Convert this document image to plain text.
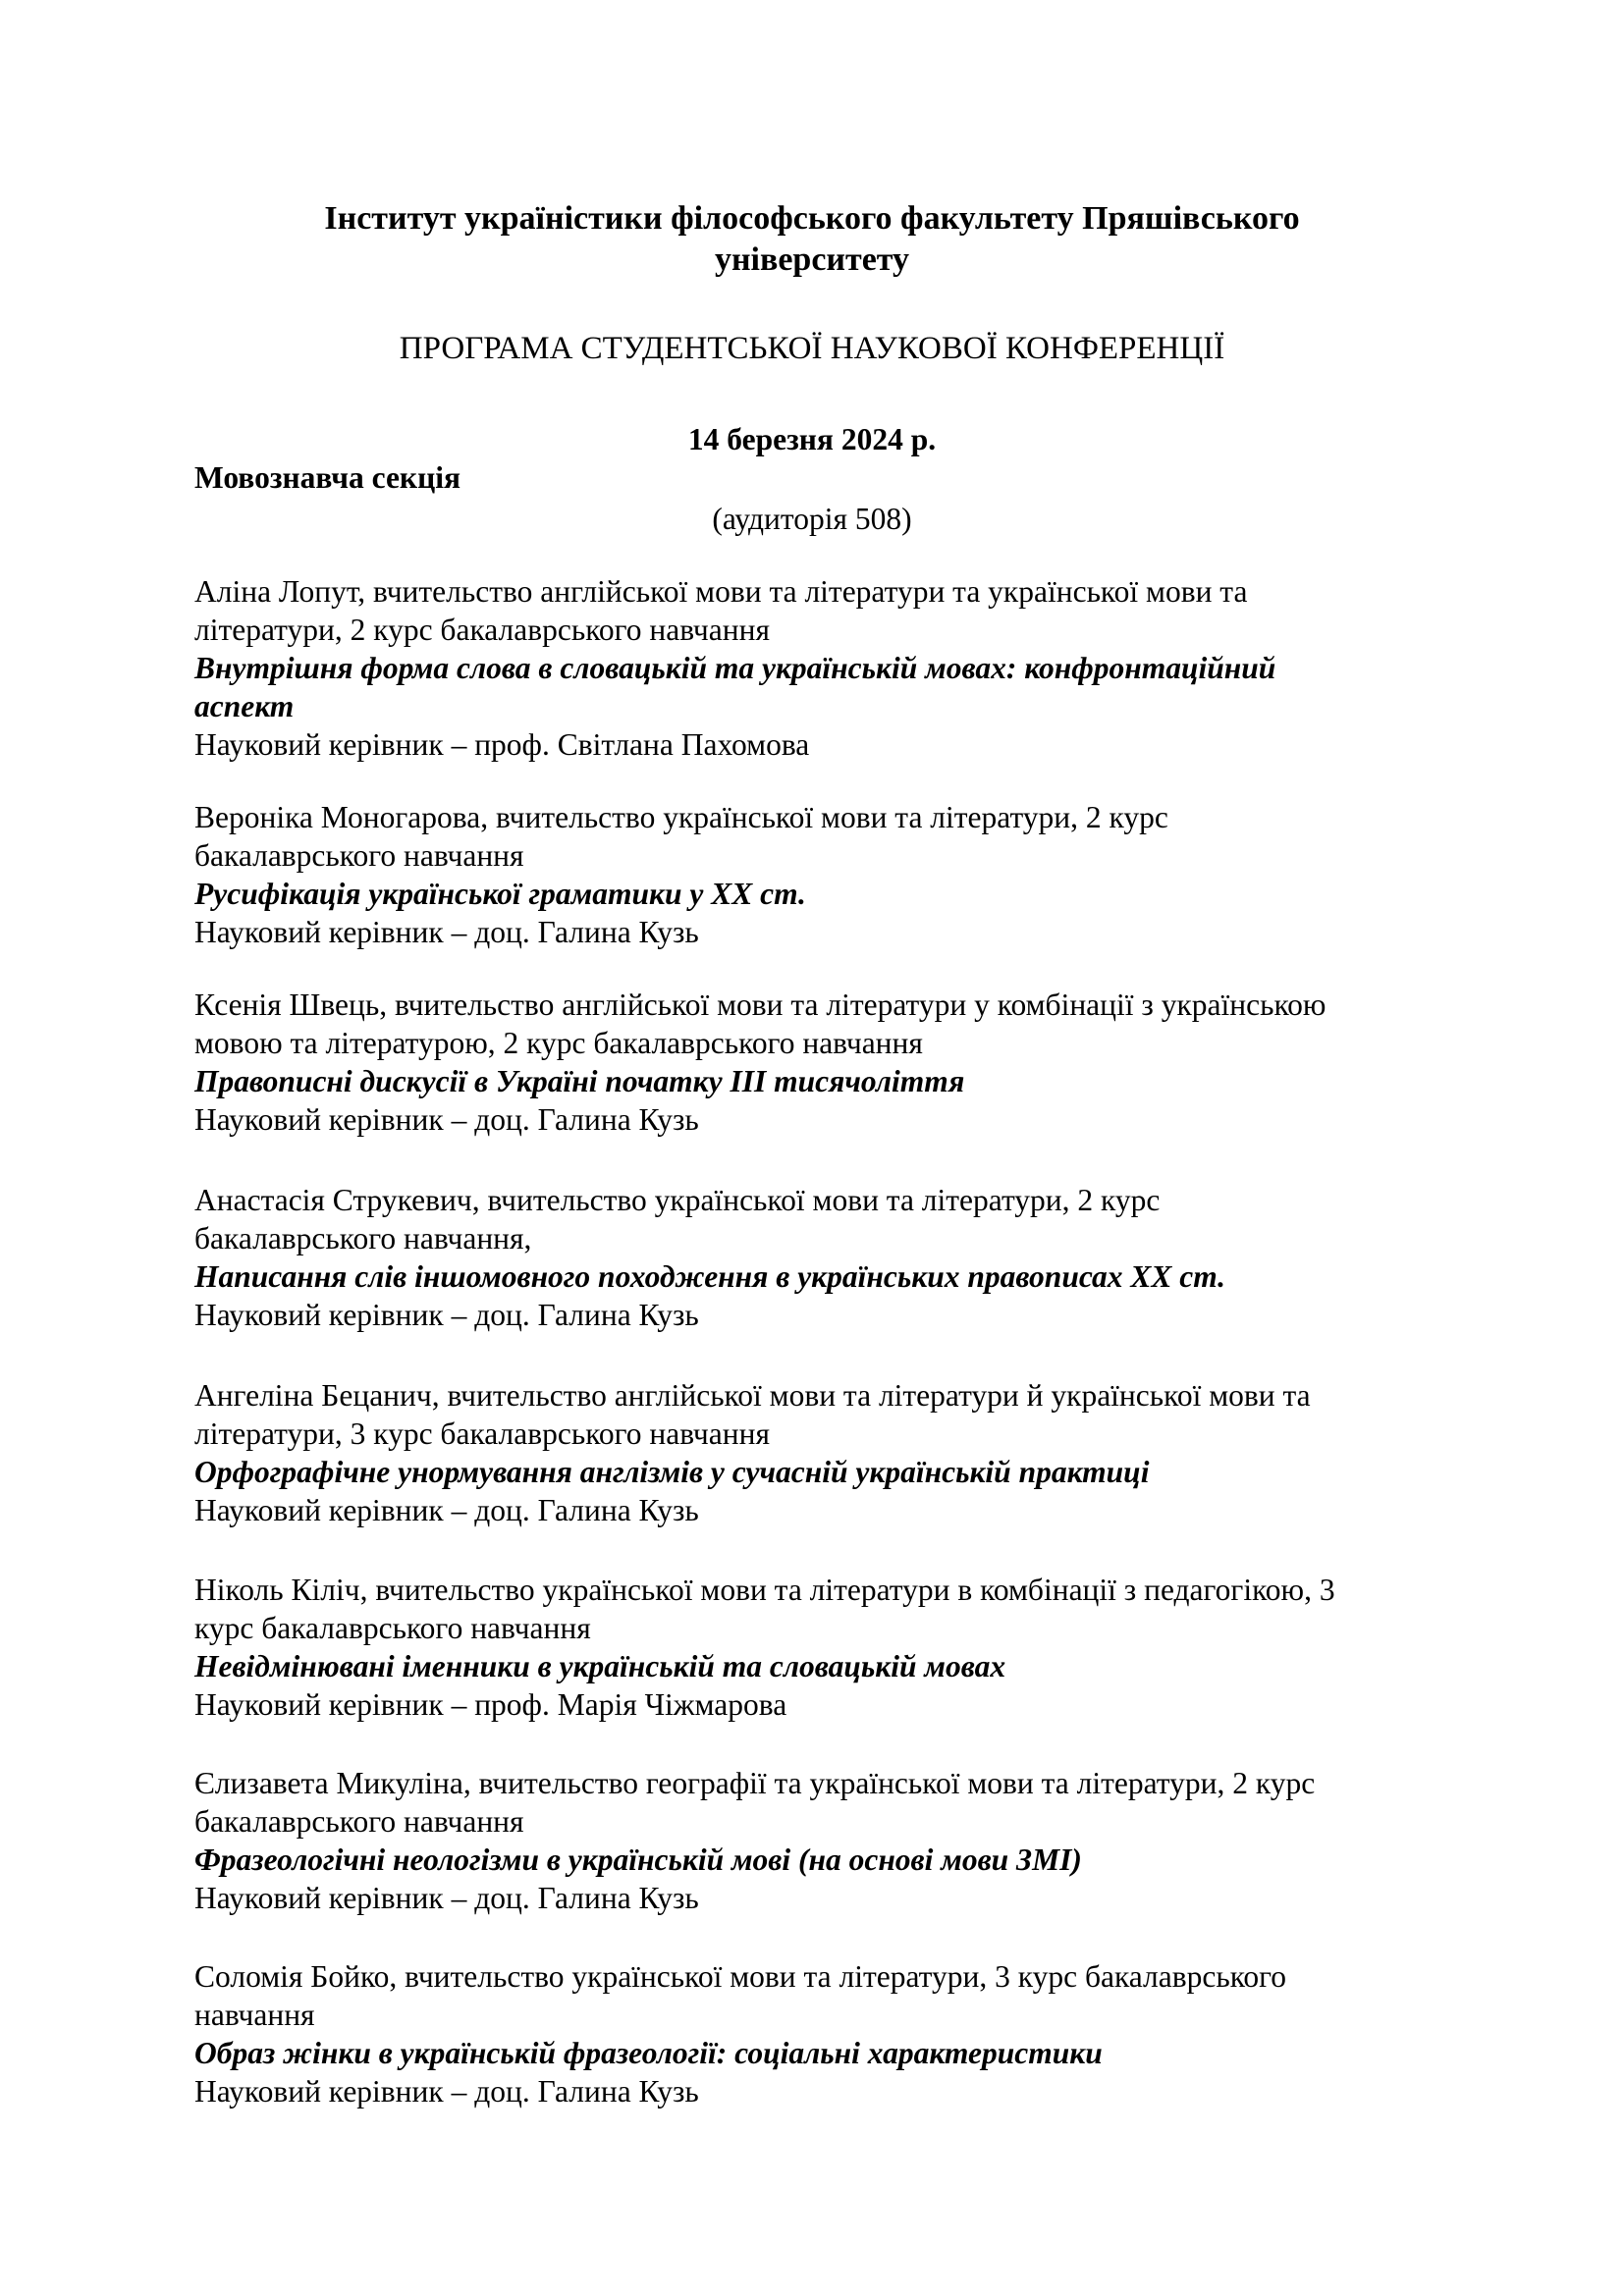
Інститут україністики філософського факультету Пряшівського
університету
ПРОГРАМА СТУДЕНТСЬКОЇ НАУКОВОЇ КОНФЕРЕНЦІЇ
14 березня 2024 р.
Мовознавча секція
(аудиторія 508)
Аліна Лопут, вчительство англійської мови та літератури та української мови та
літератури, 2 курс бакалаврського навчання
Внутрішня форма слова в словацькій та українській мовах: конфронтаційний
аспект
Науковий керівник – проф. Світлана Пахомова
Вероніка Моногарова, вчительство української мови та літератури, 2 курс
бакалаврського навчання
Русифікація української граматики у ХХ ст.
Науковий керівник – доц. Галина Кузь
Ксенія Швець, вчительство англійської мови та літератури у комбінації з українською
мовою та літературою, 2 курс бакалаврського навчання
Правописні дискусії в Україні початку ІІІ тисячоліття
Науковий керівник – доц. Галина Кузь
Анастасія Струкевич, вчительство української мови та літератури, 2 курс
бакалаврського навчання,
Написання слів іншомовного походження в українських правописах ХХ ст.
Науковий керівник – доц. Галина Кузь
Ангеліна Бецанич, вчительство англійської мови та літератури й української мови та
літератури, 3 курс бакалаврського навчання
Орфографічне унормування англізмів у сучасній українській практиці
Науковий керівник – доц. Галина Кузь
Ніколь Кіліч, вчительство української мови та літератури в комбінації з педагогікою, 3
курс бакалаврського навчання
Невідмінювані іменники в українській та словацькій мовах
Науковий керівник – проф. Марія Чіжмарова
Єлизавета Микуліна, вчительство географії та української мови та літератури, 2 курс
бакалаврського навчання
Фразеологічні неологізми в українській мові (на основі мови ЗМІ)
Науковий керівник – доц. Галина Кузь
Соломія Бойко, вчительство української мови та літератури, 3 курс бакалаврського
навчання
Образ жінки в українській фразеології: соціальні характеристики
Науковий керівник – доц. Галина Кузь
